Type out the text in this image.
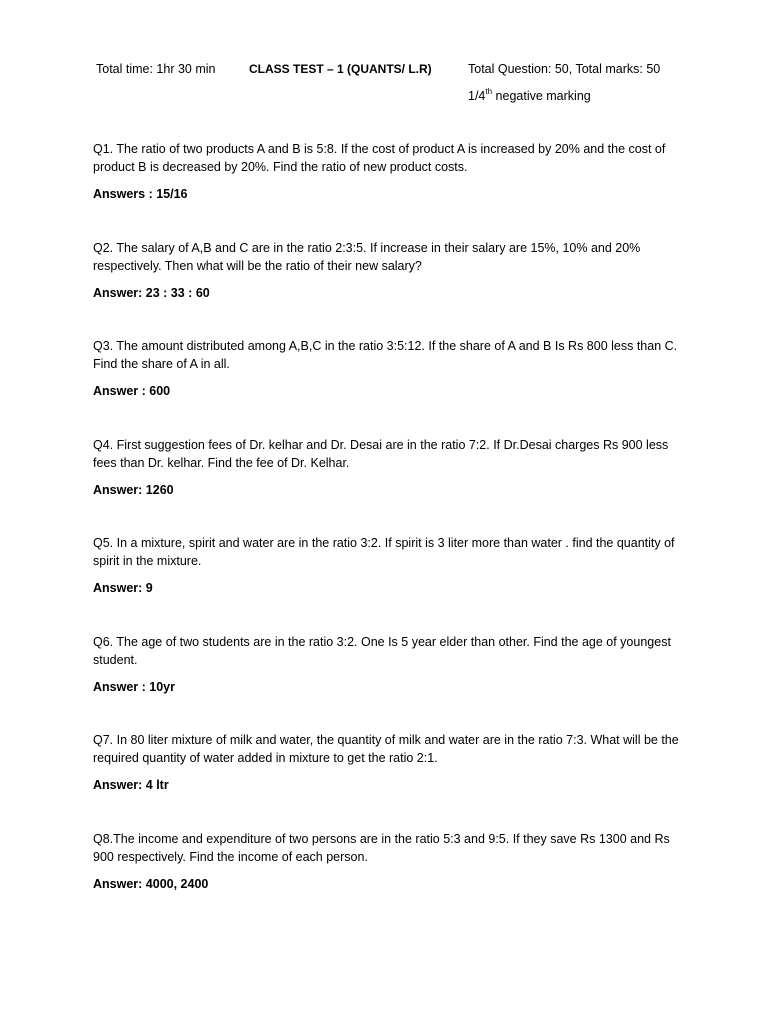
Total time: 1hr 30 min	CLASS TEST – 1 (QUANTS/ L.R)	Total Question: 50, Total marks: 50
1/4th negative marking

Q1. The ratio of two products A and B is 5:8. If the cost of product A is increased by 20% and the cost of product B is decreased by 20%. Find the ratio of new product costs.

Answers : 15/16

Q2. The salary of A,B and C are in the ratio 2:3:5. If increase in their salary are 15%, 10% and 20% respectively. Then what will be the ratio of their new salary?

Answer: 23 : 33 : 60

Q3. The amount distributed among A,B,C in the ratio 3:5:12. If the share of A and B Is Rs 800 less than C. Find the share of A in all.

Answer : 600

Q4. First suggestion fees of Dr. kelhar and Dr. Desai are in the ratio 7:2. If Dr.Desai charges Rs 900 less fees than Dr. kelhar. Find the fee of Dr. Kelhar.

Answer: 1260

Q5. In a mixture, spirit and water are in the ratio 3:2. If spirit is 3 liter more than water . find the quantity of spirit in the mixture.

Answer: 9

Q6. The age of two students are in the ratio 3:2. One Is 5 year elder than other. Find the age of youngest student.

Answer : 10yr

Q7. In 80 liter mixture of milk and water, the quantity of milk and water are in the ratio 7:3. What will be the required quantity of water added in mixture to get the ratio 2:1.

Answer: 4 ltr

Q8.The income and expenditure of two persons are in the ratio 5:3 and 9:5. If they save Rs 1300 and Rs 900 respectively. Find the income of each person.

Answer: 4000, 2400
